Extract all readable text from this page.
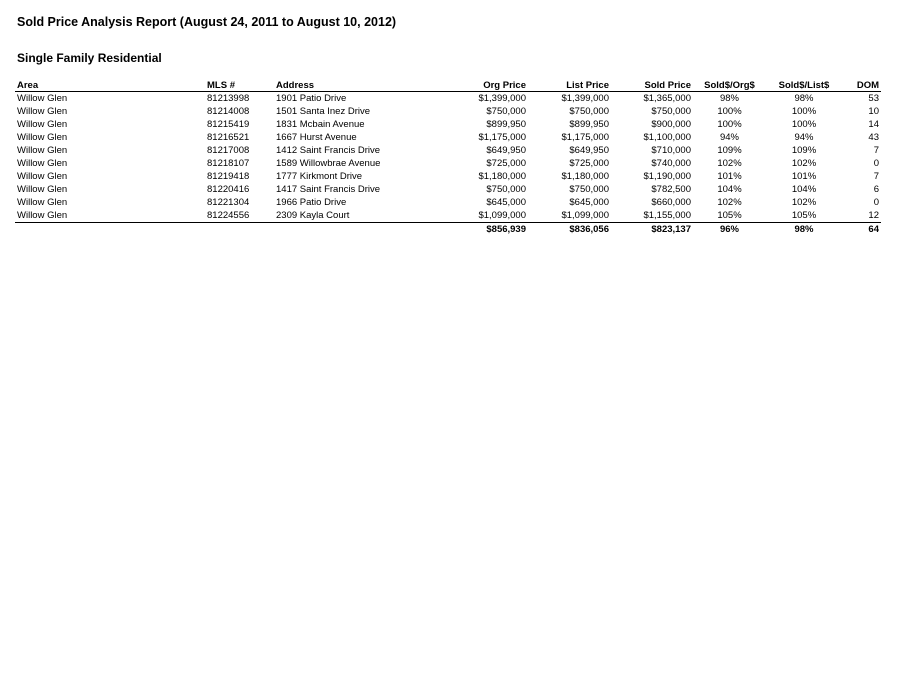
Sold Price Analysis Report (August 24, 2011 to August 10, 2012)
Single Family Residential
Area	MLS #	Address	Org Price	List Price	Sold Price	Sold$/Org$	Sold$/List$	DOM
Willow Glen	81213998	1901 Patio Drive	$1,399,000	$1,399,000	$1,365,000	98%	98%	53
Willow Glen	81214008	1501 Santa Inez Drive	$750,000	$750,000	$750,000	100%	100%	10
Willow Glen	81215419	1831 Mcbain Avenue	$899,950	$899,950	$900,000	100%	100%	14
Willow Glen	81216521	1667 Hurst Avenue	$1,175,000	$1,175,000	$1,100,000	94%	94%	43
Willow Glen	81217008	1412 Saint Francis Drive	$649,950	$649,950	$710,000	109%	109%	7
Willow Glen	81218107	1589 Willowbrae Avenue	$725,000	$725,000	$740,000	102%	102%	0
Willow Glen	81219418	1777 Kirkmont Drive	$1,180,000	$1,180,000	$1,190,000	101%	101%	7
Willow Glen	81220416	1417 Saint Francis Drive	$750,000	$750,000	$782,500	104%	104%	6
Willow Glen	81221304	1966 Patio Drive	$645,000	$645,000	$660,000	102%	102%	0
Willow Glen	81224556	2309 Kayla Court	$1,099,000	$1,099,000	$1,155,000	105%	105%	12
			$856,939	$836,056	$823,137	96%	98%	64
